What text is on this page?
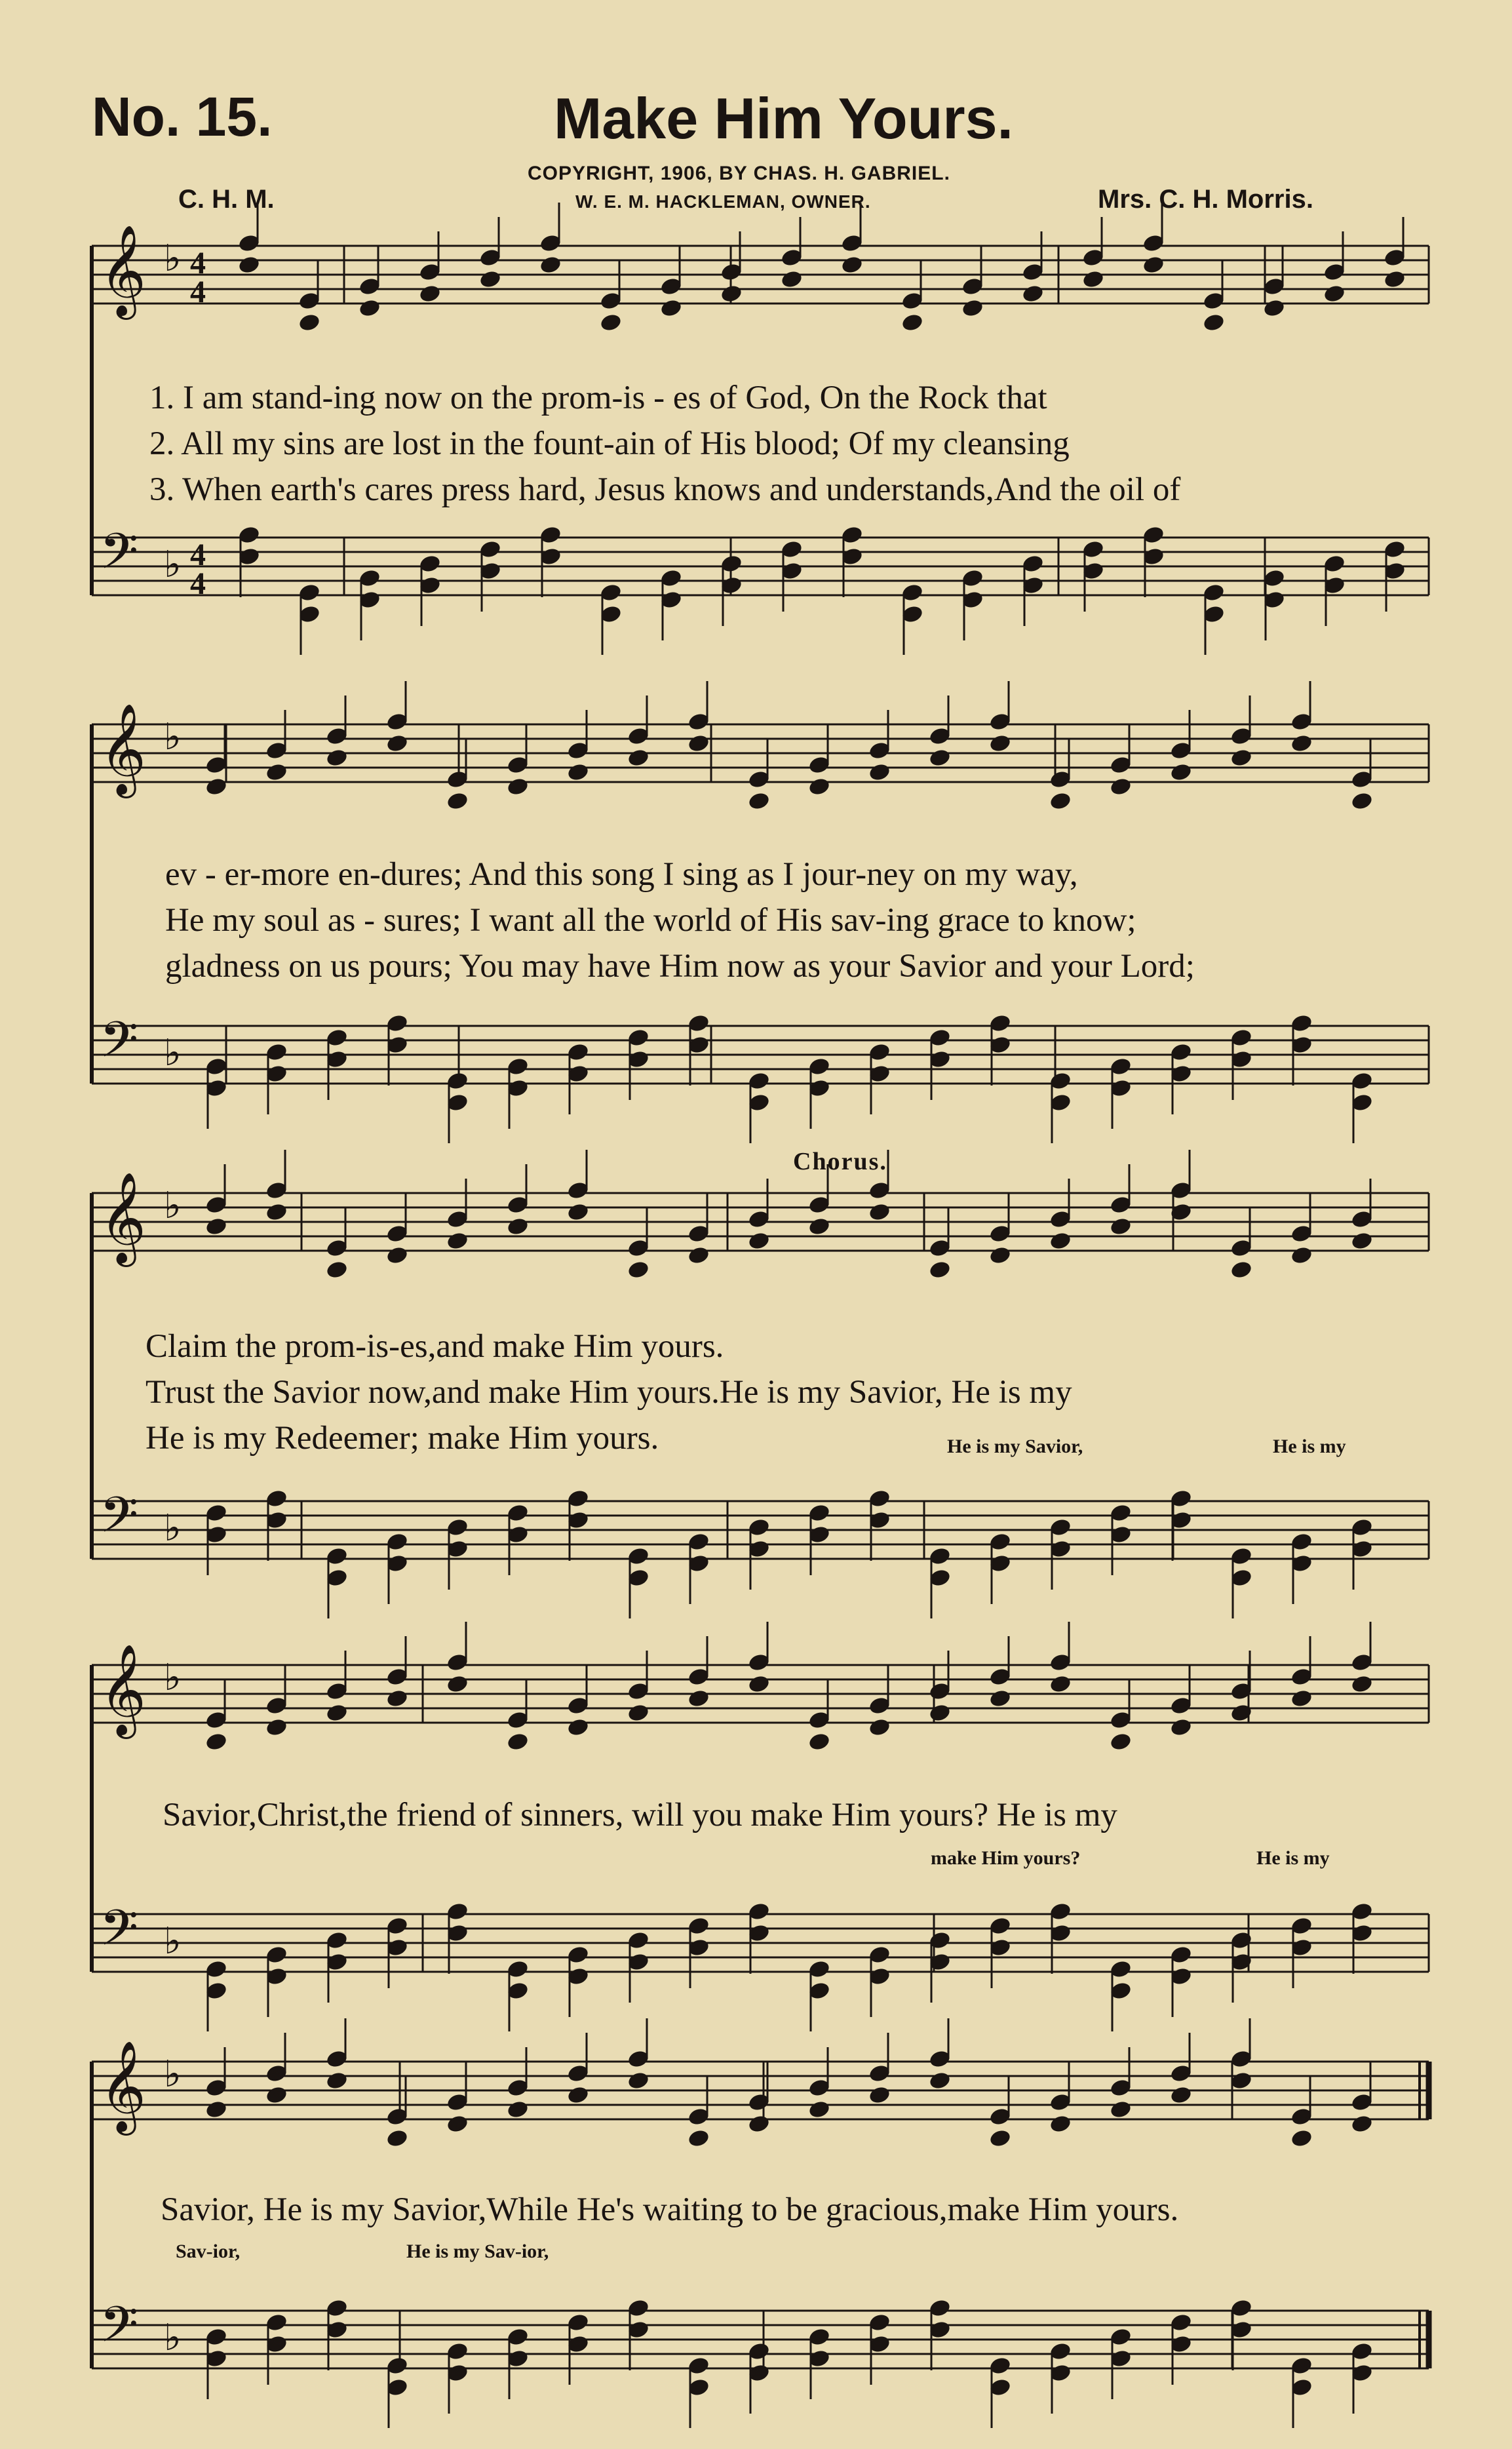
𝄞 ♭
𝄢 ♭
4
4
4
4
𝄞 ♭
𝄢 ♭
𝄞 ♭
𝄢 ♭
𝄞 ♭
𝄢 ♭
𝄞 ♭
𝄢 ♭
No. 15.	Make Him Yours.
COPYRIGHT, 1906, BY CHAS. H. GABRIEL.
W. E. M. HACKLEMAN, OWNER.
C. H. M.	Mrs. C. H. Morris.
1. I am stand-ing now on the prom-is - es of God, On the Rock that
2. All my sins are lost in the fount-ain of His blood; Of my cleansing
3. When earth's cares press hard, Jesus knows and understands,And the oil of
ev - er-more en-dures; And this song I sing as I jour-ney on my way,
He my soul as - sures; I want all the world of His sav-ing grace to know;
gladness on us pours; You may have Him now as your Savior and your Lord;
Chorus.
Claim the prom-is-es,and make Him yours.
Trust the Savior now,and make Him yours.He is my Savior, He is my
He is my Redeemer; make Him yours.	He is my Savior,	He is my
Savior,Christ,the friend of sinners, will you make Him yours? He is my
make Him yours?	He is my
Savior, He is my Savior,While He's waiting to be gracious,make Him yours.
Sav-ior,	He is my Sav-ior,
